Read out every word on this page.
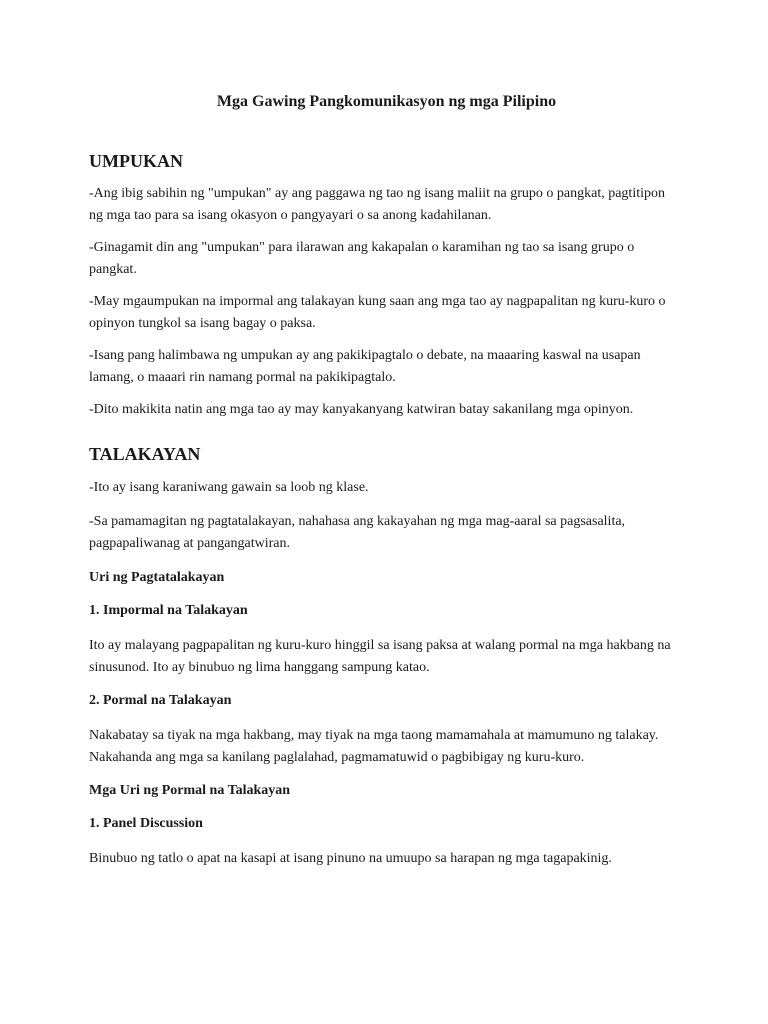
Mga Gawing Pangkomunikasyon ng mga Pilipino
UMPUKAN

-Ang ibig sabihin ng "umpukan" ay ang paggawa ng tao ng isang maliit na grupo o pangkat, pagtitipon ng mga tao para sa isang okasyon o pangyayari o sa anong kadahilanan.

-Ginagamit din ang "umpukan" para ilarawan ang kakapalan o karamihan ng tao sa isang grupo o pangkat.

-May mgaumpukan na impormal ang talakayan kung saan ang mga tao ay nagpapalitan ng kuru-kuro o opinyon tungkol sa isang bagay o paksa.

-Isang pang halimbawa ng umpukan ay ang pakikipagtalo o debate, na maaaring kaswal na usapan lamang, o maaari rin namang pormal na pakikipagtalo.

-Dito makikita natin ang mga tao ay may kanyakanyang katwiran batay sakanilang mga opinyon.

TALAKAYAN

-Ito ay isang karaniwang gawain sa loob ng klase.

-Sa pamamagitan ng pagtatalakayan, nahahasa ang kakayahan ng mga mag-aaral sa pagsasalita, pagpapaliwanag at pangangatwiran.

Uri ng Pagtatalakayan
1. Impormal na Talakayan

Ito ay malayang pagpapalitan ng kuru-kuro hinggil sa isang paksa at walang pormal na mga hakbang na sinusunod. Ito ay binubuo ng lima hanggang sampung katao.

2. Pormal na Talakayan

Nakabatay sa tiyak na mga hakbang, may tiyak na mga taong mamamahala at mamumuno ng talakay. Nakahanda ang mga sa kanilang paglalahad, pagmamatuwid o pagbibigay ng kuru-kuro.

Mga Uri ng Pormal na Talakayan
1. Panel Discussion

Binubuo ng tatlo o apat na kasapi at isang pinuno na umuupo sa harapan ng mga tagapakinig.
